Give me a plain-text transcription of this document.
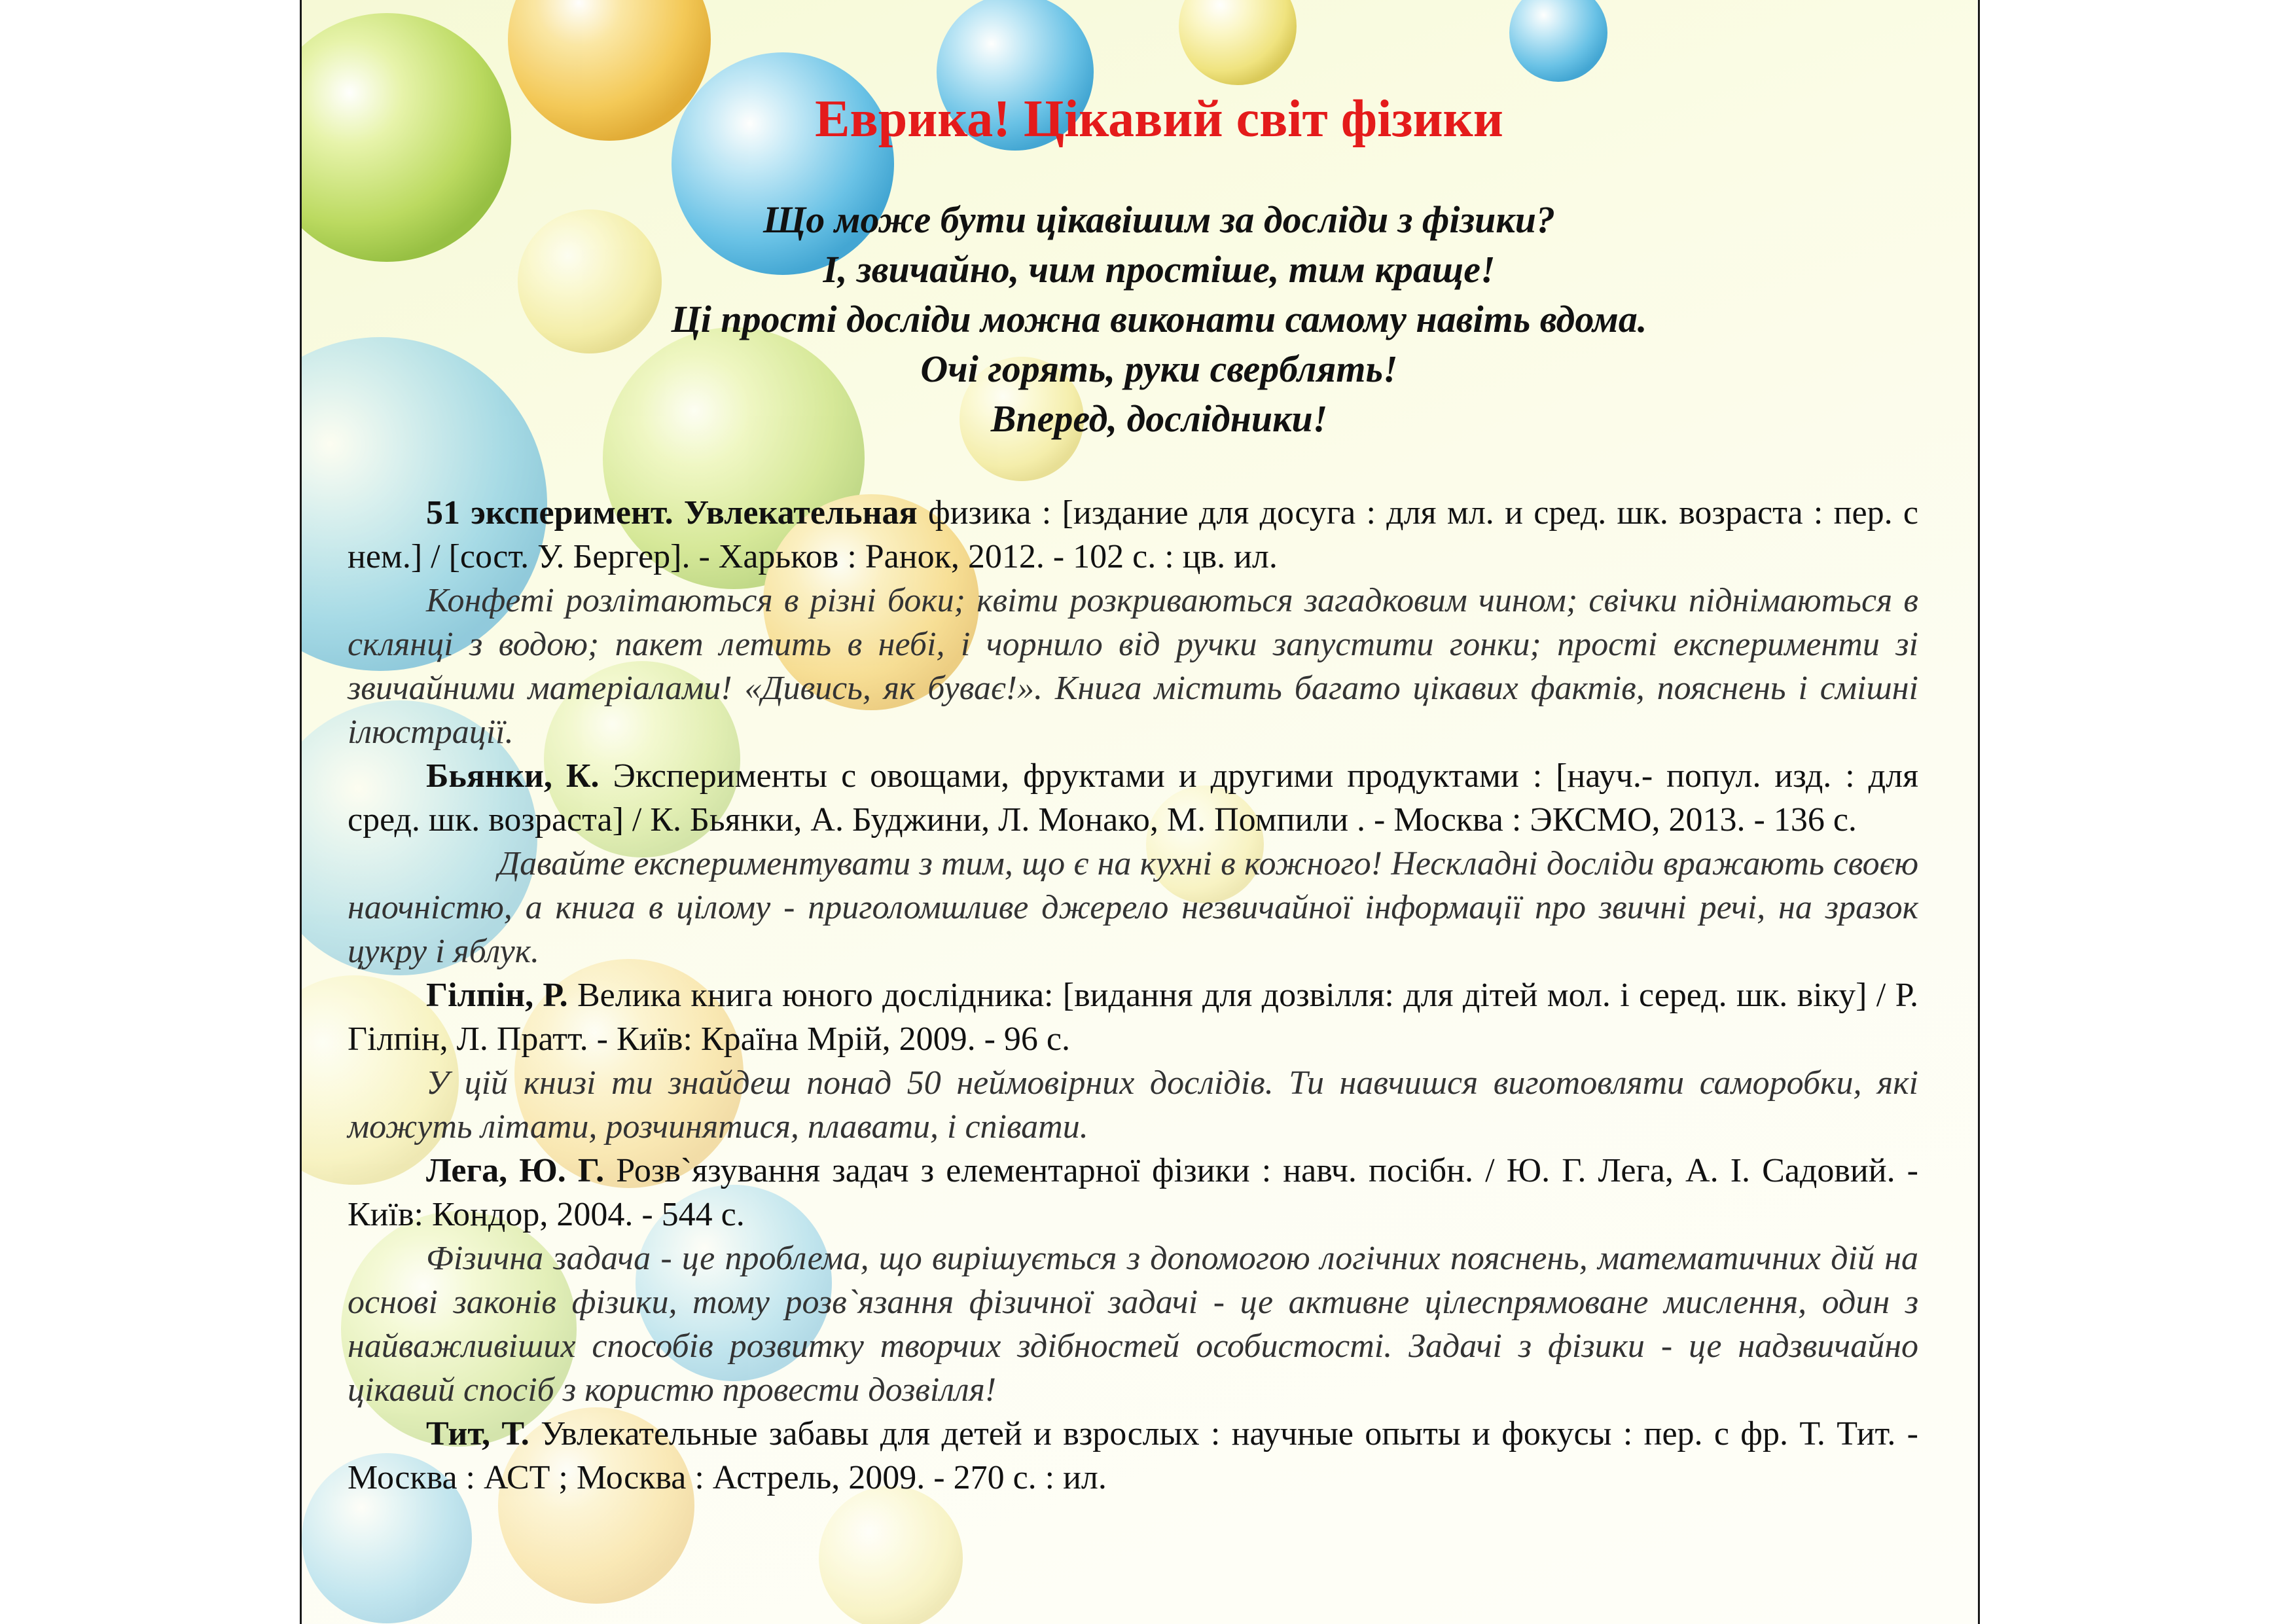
Еврика! Цікавий світ фізики
Що може бути цікавішим за досліди з фізики?
І, звичайно, чим простіше, тим краще!
Ці прості досліди можна виконати самому навіть вдома.
Очі горять, руки сверблять!
Вперед, дослідники!

51 эксперимент. Увлекательная физика : [издание для досуга : для мл. и сред. шк. возраста : пер. с нем.] / [сост. У. Бергер]. - Харьков : Ранок, 2012. - 102 с. : цв. ил.

Конфеті розлітаються в різні боки; квіти розкриваються загадковим чином; свічки піднімаються в склянці з водою; пакет летить в небі, і чорнило від ручки запустити гонки; прості експерименти зі звичайними матеріалами! «Дивись, як буває!». Книга містить багато цікавих фактів, пояснень і смішні ілюстрації.

Бьянки, К. Эксперименты с овощами, фруктами и другими продуктами : [науч.- попул. изд. : для сред. шк. возраста] / К. Бьянки, А. Буджини, Л. Монако, М. Помпили . - Москва : ЭКСМО, 2013. - 136 с.

Давайте експериментувати з тим, що є на кухні в кожного! Нескладні досліди вражають своєю наочністю, а книга в цілому - приголомшливе джерело незвичайної інформації про звичні речі, на зразок цукру і яблук.

Гілпін, Р. Велика книга юного дослідника: [видання для дозвілля: для дітей мол. і серед. шк. віку] / Р. Гілпін, Л. Пратт. - Київ: Країна Мрій, 2009. - 96 с.

У цій книзі ти знайдеш понад 50 неймовірних дослідів. Ти навчишся виготовляти саморобки, які можуть літати, розчинятися, плавати, і співати.

Лега, Ю. Г. Розв`язування задач з елементарної фізики : навч. посібн. / Ю. Г. Лега, А. І. Садовий. - Київ: Кондор, 2004. - 544 с.

Фізична задача - це проблема, що вирішується з допомогою логічних пояснень, математичних дій на основі законів фізики, тому розв`язання фізичної задачі - це активне цілеспрямоване мислення, один з найважливіших способів розвитку творчих здібностей особистості. Задачі з фізики - це надзвичайно цікавий спосіб з користю провести дозвілля!

Тит, Т. Увлекательные забавы для детей и взрослых : научные опыты и фокусы : пер. с фр. Т. Тит. - Москва : АСТ ; Москва : Астрель, 2009. - 270 с. : ил.
